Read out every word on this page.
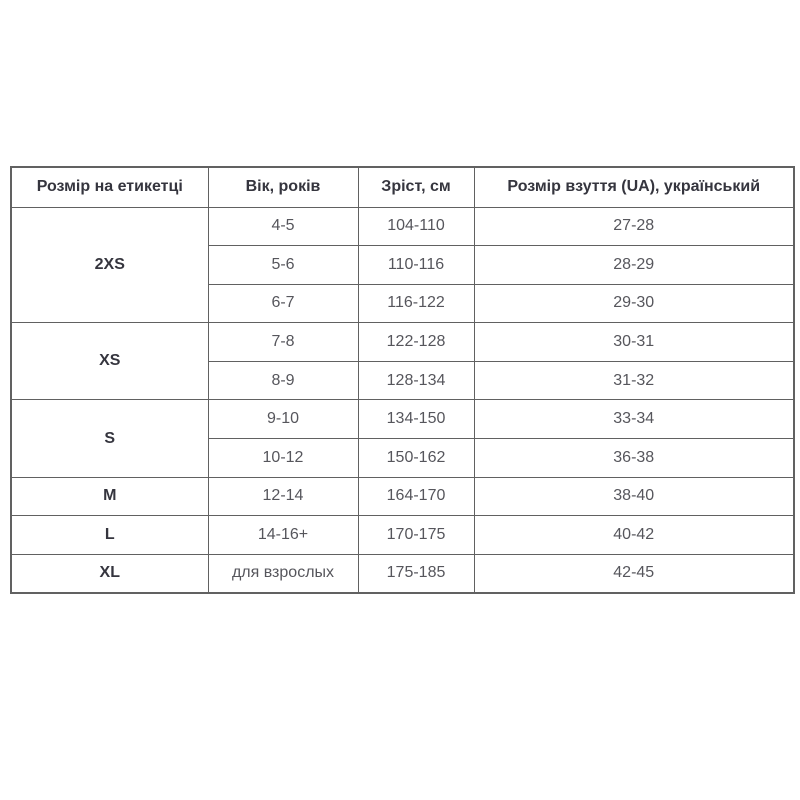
Розмір на етикетці	Вік, років	Зріст, см	Розмір взуття (UA), український
2XS	4-5	104-110	27-28
	5-6	110-116	28-29
	6-7	116-122	29-30
XS	7-8	122-128	30-31
	8-9	128-134	31-32
S	9-10	134-150	33-34
	10-12	150-162	36-38
M	12-14	164-170	38-40
L	14-16+	170-175	40-42
XL	для взрослых	175-185	42-45
